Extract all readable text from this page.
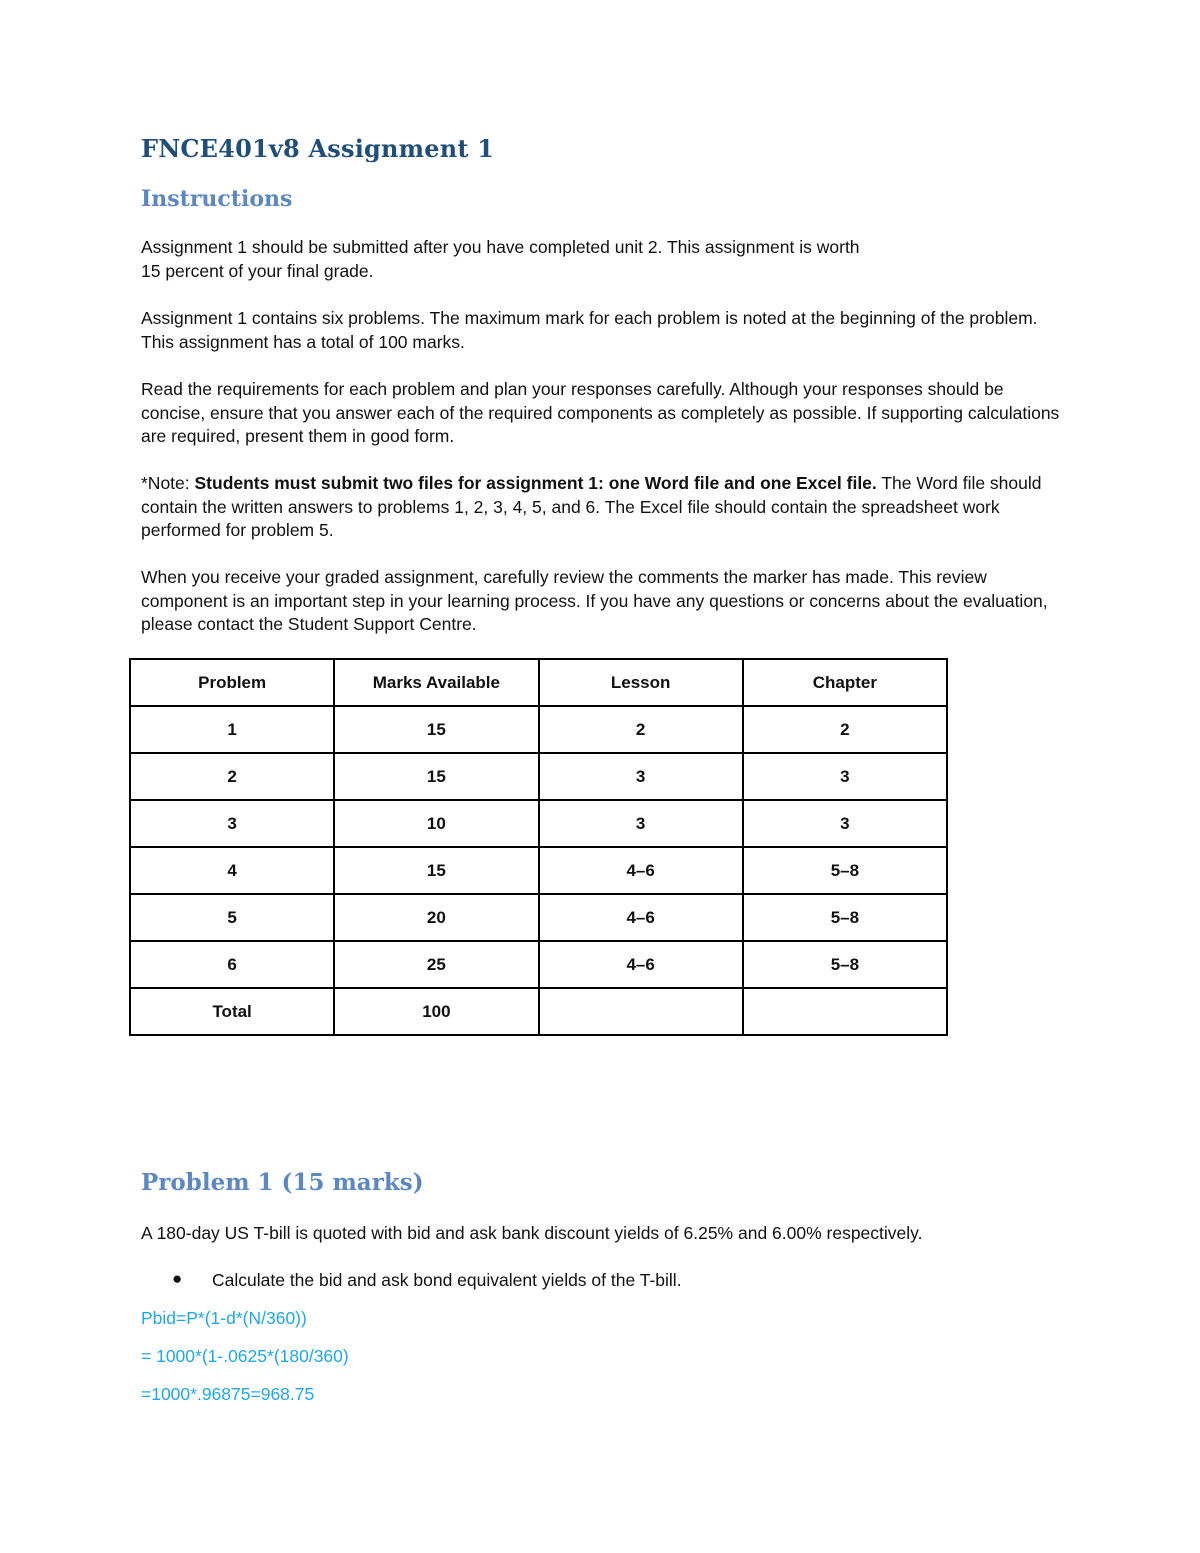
FNCE401v8 Assignment 1
Instructions

Assignment 1 should be submitted after you have completed unit 2. This assignment is worth
15 percent of your final grade.

Assignment 1 contains six problems. The maximum mark for each problem is noted at the beginning of the problem. This assignment has a total of 100 marks.

Read the requirements for each problem and plan your responses carefully. Although your responses should be concise, ensure that you answer each of the required components as completely as possible. If supporting calculations are required, present them in good form.

*Note: Students must submit two files for assignment 1: one Word file and one Excel file. The Word file should contain the written answers to problems 1, 2, 3, 4, 5, and 6. The Excel file should contain the spreadsheet work performed for problem 5.

When you receive your graded assignment, carefully review the comments the marker has made. This review component is an important step in your learning process. If you have any questions or concerns about the evaluation, please contact the Student Support Centre.

Problem	Marks Available	Lesson	Chapter
1	15	2	2
2	15	3	3
3	10	3	3
4	15	4–6	5–8
5	20	4–6	5–8
6	25	4–6	5–8
Total	100		
Problem 1 (15 marks)

A 180-day US T-bill is quoted with bid and ask bank discount yields of 6.25% and 6.00% respectively.

●	Calculate the bid and ask bond equivalent yields of the T-bill.

Pbid=P*(1-d*(N/360))

= 1000*(1-.0625*(180/360)

=1000*.96875=968.75
